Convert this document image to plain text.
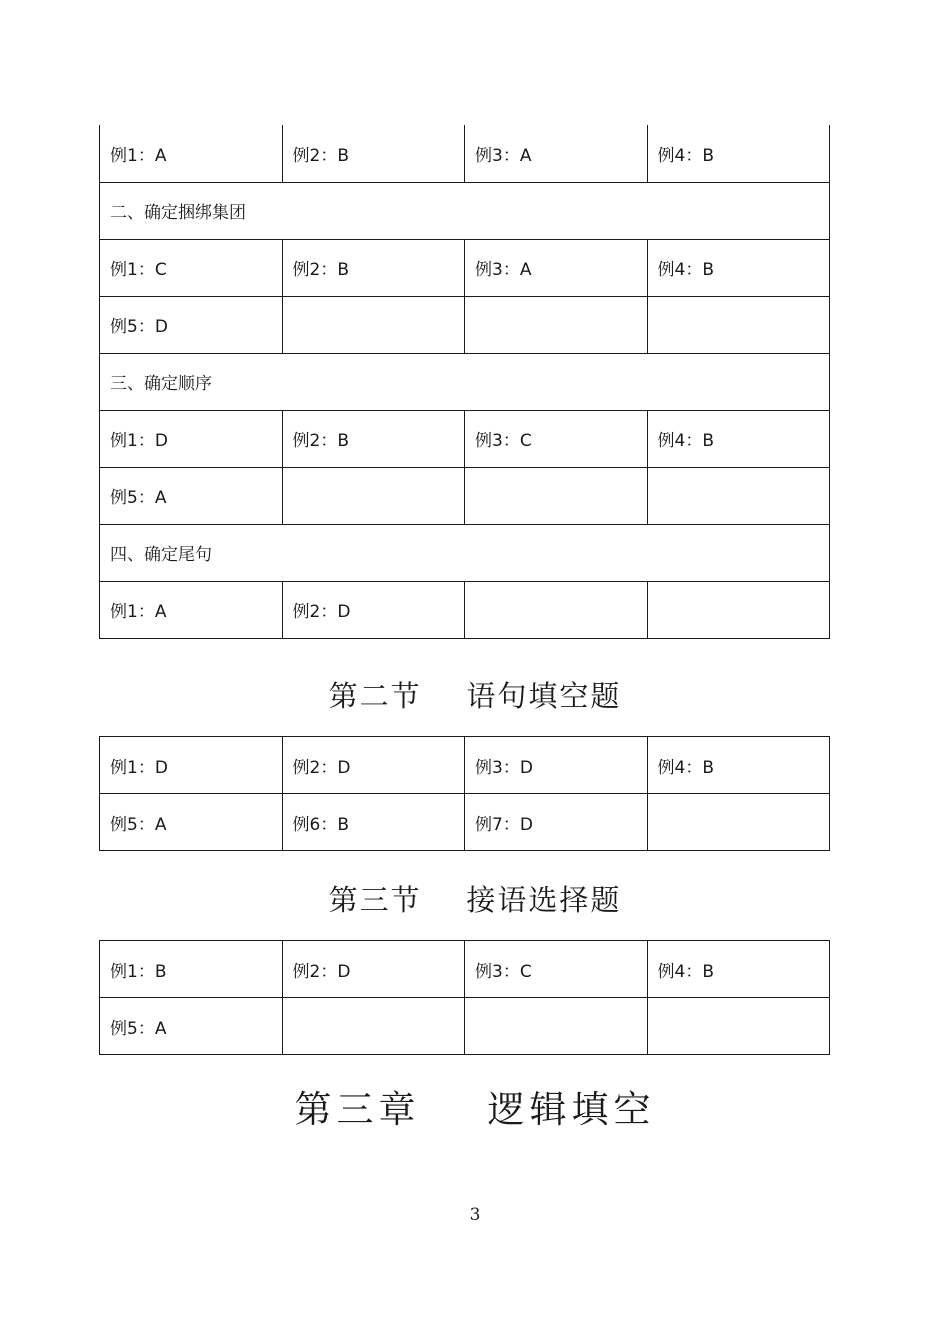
例1：A	例2：B	例3：A	例4：B
二、确定捆绑集团			
例1：C	例2：B	例3：A	例4：B
例5：D			
三、确定顺序			
例1：D	例2：B	例3：C	例4：B
例5：A			
四、确定尾句			
例1：A	例2：D		
第二节    语句填空题
例1：D	例2：D	例3：D	例4：B
例5：A	例6：B	例7：D	
第三节    接语选择题
例1：B	例2：D	例3：C	例4：B
例5：A			
第三章    逻辑填空
3
